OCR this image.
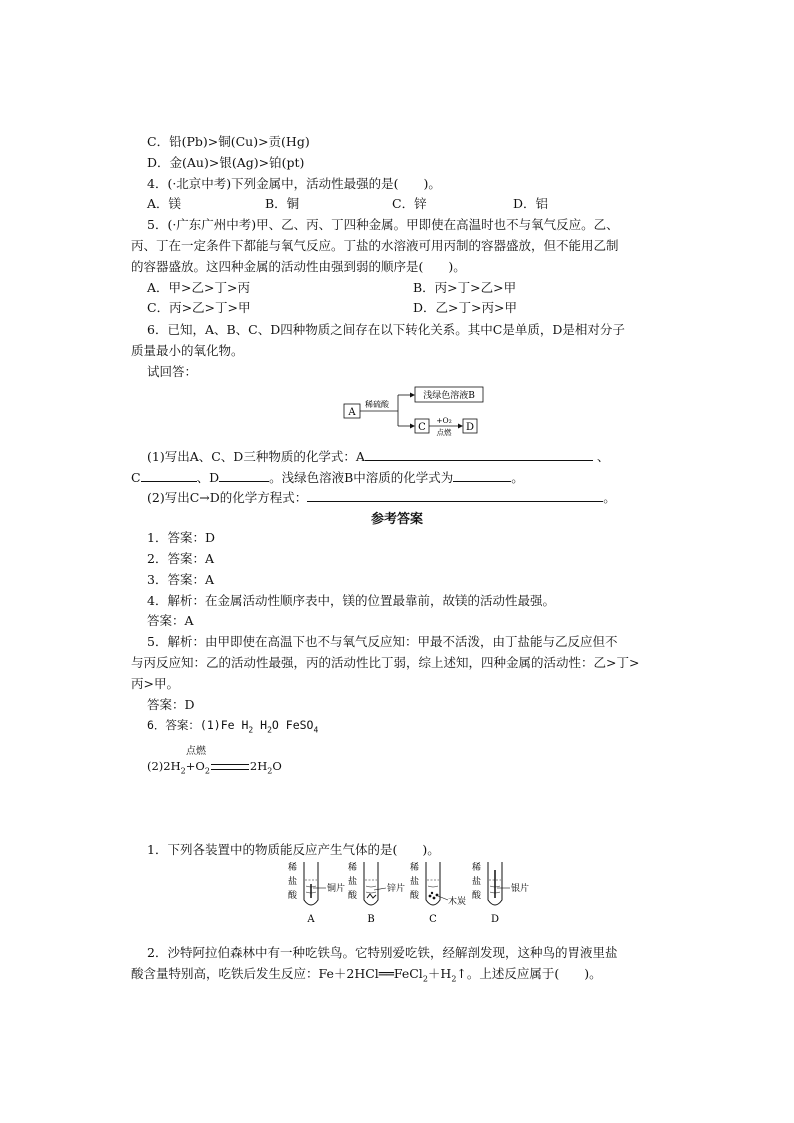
C．铅(Pb)>铜(Cu)>贡(Hg)
D．金(Au)>银(Ag)>铂(pt)
4．(·北京中考)下列金属中，活动性最强的是(　　)。
A．镁	B．铜	C．锌	D．铝
5．(·广东广州中考)甲、乙、丙、丁四种金属。甲即使在高温时也不与氧气反应。乙、
丙、丁在一定条件下都能与氧气反应。丁盐的水溶液可用丙制的容器盛放，但不能用乙制
的容器盛放。这四种金属的活动性由强到弱的顺序是(　　)。
A．甲>乙>丁>丙	B．丙>丁>乙>甲
C．丙>乙>丁>甲	D．乙>丁>丙>甲
6．已知，A、B、C、D四种物质之间存在以下转化关系。其中C是单质，D是相对分子
质量最小的氧化物。
试回答：
A
稀硫酸
浅绿色溶液B
C
+O₂
点燃 D
(1)写出A、C、D三种物质的化学式：A	、
C	、D	。浅绿色溶液B中溶质的化学式为	。
(2)写出C→D的化学方程式：	。
参考答案
1．答案：D
2．答案：A
3．答案：A
4．解析：在金属活动性顺序表中，镁的位置最靠前，故镁的活动性最强。
答案：A
5．解析：由甲即使在高温下也不与氧气反应知：甲最不活泼，由丁盐能与乙反应但不
与丙反应知：乙的活动性最强，丙的活动性比丁弱，综上述知，四种金属的活动性：乙>丁>
丙>甲。
答案：D
6．答案：(1)Fe $H_2$ $H_2O$ FeSO$_4$
点燃
$(2)2H_2+O_2$	$2H_2O$
1．下列各装置中的物质能反应产生气体的是(　　)。
稀
盐
酸
铜片
A
稀
盐
酸
锌片
B
稀
盐
酸
木炭
C
稀
盐
酸
银片
D
2．沙特阿拉伯森林中有一种吃铁鸟。它特别爱吃铁，经解剖发现，这种鸟的胃液里盐
酸含量特别高，吃铁后发生反应：$Fe+2HCl══FeCl_2+H_2↑$。上述反应属于(　　)。
